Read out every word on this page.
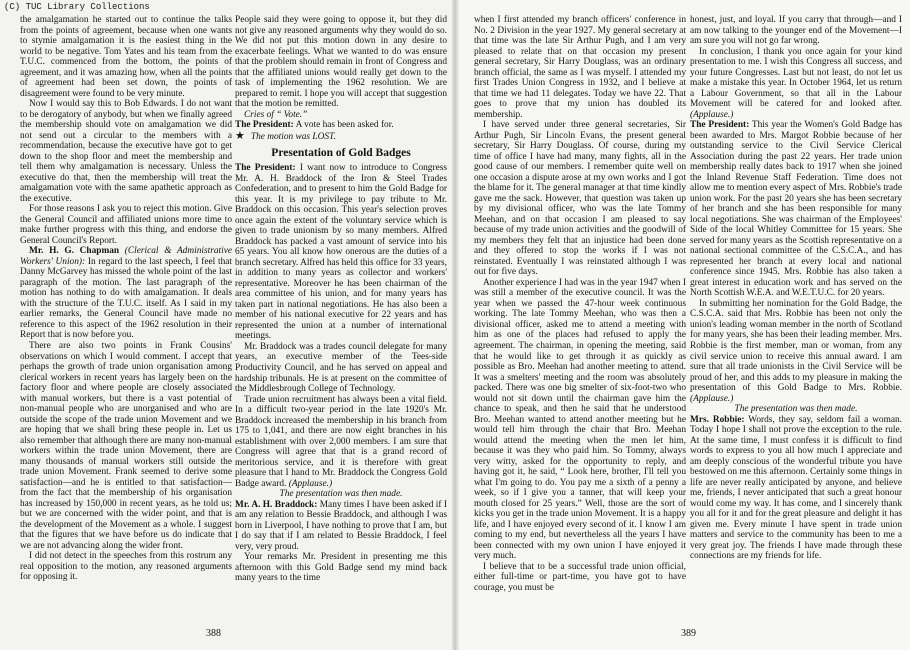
(C) TUC Library Collections

the amalgamation he started out to continue the talks from the points of agreement, because when one wants to stymie amalgamation it is the easiest thing in the world to be negative. Tom Yates and his team from the T.U.C. commenced from the bottom, the points of agreement, and it was amazing how, when all the points of agreement had been set down, the points of disagreement were found to be very minute.

Now I would say this to Bob Edwards. I do not want to be derogatory of anybody, but when we finally agreed the membership should vote on amalgamation we did not send out a circular to the members with a recommendation, because the executive have got to get down to the shop floor and meet the membership and tell them why amalgamation is necessary. Unless the executive do that, then the membership will treat the amalgamation vote with the same apathetic approach as the executive.

For those reasons I ask you to reject this motion. Give the General Council and affiliated unions more time to make further progress with this thing, and endorse the General Council's Report.

Mr. H. G. Chapman (Clerical & Administrative Workers' Union): In regard to the last speech, I feel that Danny McGarvey has missed the whole point of the last paragraph of the motion. The last paragraph of the motion has nothing to do with amalgamation. It deals with the structure of the T.U.C. itself. As I said in my earlier remarks, the General Council have made no reference to this aspect of the 1962 resolution in their Report that is now before you.

There are also two points in Frank Cousins' observations on which I would comment. I accept that perhaps the growth of trade union organisation among clerical workers in recent years has largely been on the factory floor and where people are closely associated with manual workers, but there is a vast potential of non-manual people who are unorganised and who are outside the scope of the trade union Movement and we are hoping that we shall bring these people in. Let us also remember that although there are many non-manual workers within the trade union Movement, there are many thousands of manual workers still outside the trade union Movement. Frank seemed to derive some satisfaction—and he is entitled to that satisfaction—from the fact that the membership of his organisation has increased by 150,000 in recent years, as he told us; but we are concerned with the wider point, and that is the development of the Movement as a whole. I suggest that the figures that we have before us do indicate that we are not advancing along the wider front.

I did not detect in the speeches from this rostrum any real opposition to the motion, any reasoned arguments for opposing it.

People said they were going to oppose it, but they did not give any reasoned arguments why they would do so. We did not put this motion down in any desire to exacerbate feelings. What we wanted to do was ensure that the problem should remain in front of Congress and that the affiliated unions would really get down to the task of implementing the 1962 resolution. We are prepared to remit. I hope you will accept that suggestion that the motion be remitted.

Cries of “ Vote.”

The President: A vote has been asked for.

★ The motion was LOST.

Presentation of Gold Badges

The President: I want now to introduce to Congress Mr. A. H. Braddock of the Iron & Steel Trades Confederation, and to present to him the Gold Badge for this year. It is my privilege to pay tribute to Mr. Braddock on this occasion. This year's selection proves once again the extent of the voluntary service which is given to trade unionism by so many members. Alfred Braddock has packed a vast amount of service into his 65 years. You all know how onerous are the duties of a branch secretary. Alfred has held this office for 33 years, in addition to many years as collector and workers' representative. Moreover he has been chairman of the area committee of his union, and for many years has taken part in national negotiations. He has also been a member of his national executive for 22 years and has represented the union at a number of international meetings.

Mr. Braddock was a trades council delegate for many years, an executive member of the Tees-side Productivity Council, and he has served on appeal and hardship tribunals. He is at present on the committee of the Middlesbrough College of Technology.

Trade union recruitment has always been a vital field. In a difficult two-year period in the late 1920's Mr. Braddock increased the membership in his branch from 175 to 1,041, and there are now eight branches in his establishment with over 2,000 members. I am sure that Congress will agree that that is a grand record of meritorious service, and it is therefore with great pleasure that I hand to Mr. Braddock the Congress Gold Badge award. (Applause.)

The presentation was then made.

Mr. A. H. Braddock: Many times I have been asked if I am any relation to Bessie Braddock, and although I was born in Liverpool, I have nothing to prove that I am, but I do say that if I am related to Bessie Braddock, I feel very, very proud.

Your remarks Mr. President in presenting me this afternoon with this Gold Badge send my mind back many years to the time

when I first attended my branch officers' conference in No. 2 Division in the year 1927. My general secretary at that time was the late Sir Arthur Pugh, and I am very pleased to relate that on that occasion my present general secretary, Sir Harry Douglass, was an ordinary branch official, the same as I was myself. I attended my first Trades Union Congress in 1932, and I believe at that time we had 11 delegates. Today we have 22. That goes to prove that my union has doubled its membership.

I have served under three general secretaries, Sir Arthur Pugh, Sir Lincoln Evans, the present general secretary, Sir Harry Douglass. Of course, during my time of office I have had many, many fights, all in the good cause of our members. I remember quite well on one occasion a dispute arose at my own works and I got the blame for it. The general manager at that time kindly gave me the sack. However, that question was taken up by my divisional officer, who was the late Tommy Meehan, and on that occasion I am pleased to say because of my trade union activities and the goodwill of my members they felt that an injustice had been done and they offered to stop the works if I was not reinstated. Eventually I was reinstated although I was out for five days.

Another experience I had was in the year 1947 when I was still a member of the executive council. It was the year when we passed the 47-hour week continuous working. The late Tommy Meehan, who was then a divisional officer, asked me to attend a meeting with him as one of the places had refused to apply the agreement. The chairman, in opening the meeting, said that he would like to get through it as quickly as possible as Bro. Meehan had another meeting to attend. It was a smelters' meeting and the room was absolutely packed. There was one big smelter of six-foot-two who would not sit down until the chairman gave him the chance to speak, and then he said that he understood Bro. Meehan wanted to attend another meeting but he would tell him through the chair that Bro. Meehan would attend the meeting when the men let him, because it was they who paid him. So Tommy, always very witty, asked for the opportunity to reply, and having got it, he said, “ Look here, brother, I'll tell you what I'm going to do. You pay me a sixth of a penny a week, so if I give you a tanner, that will keep your mouth closed for 25 years.” Well, those are the sort of kicks you get in the trade union Movement. It is a happy life, and I have enjoyed every second of it. I know I am coming to my end, but nevertheless all the years I have been connected with my own union I have enjoyed it very much.

I believe that to be a successful trade union official, either full-time or part-time, you have got to have courage, you must be

honest, just, and loyal. If you carry that through—and I am now talking to the younger end of the Movement—I am sure you will not go far wrong.

In conclusion, I thank you once again for your kind presentation to me. I wish this Congress all success, and your future Congresses. Last but not least, do not let us make a mistake this year. In October 1964, let us return a Labour Government, so that all in the Labour Movement will be catered for and looked after. (Applause.)

The President: This year the Women's Gold Badge has been awarded to Mrs. Margot Robbie because of her outstanding service to the Civil Service Clerical Association during the past 22 years. Her trade union membership really dates back to 1917 when she joined the Inland Revenue Staff Federation. Time does not allow me to mention every aspect of Mrs. Robbie's trade union work. For the past 20 years she has been secretary of her branch and she has been responsible for many local negotiations. She was chairman of the Employees' Side of the local Whitley Committee for 15 years. She served for many years as the Scottish representative on a national sectional committee of the C.S.C.A., and has represented her branch at every local and national conference since 1945. Mrs. Robbie has also taken a great interest in education work and has served on the North Scottish W.E.A. and W.E.T.U.C. for 20 years.

In submitting her nomination for the Gold Badge, the C.S.C.A. said that Mrs. Robbie has been not only the union's leading woman member in the north of Scotland for many years, she has been their leading member. Mrs. Robbie is the first member, man or woman, from any civil service union to receive this annual award. I am sure that all trade unionists in the Civil Service will be proud of her, and this adds to my pleasure in making the presentation of this Gold Badge to Mrs. Robbie. (Applause.)

The presentation was then made.

Mrs. Robbie: Words, they say, seldom fail a woman. Today I hope I shall not prove the exception to the rule. At the same time, I must confess it is difficult to find words to express to you all how much I appreciate and am deeply conscious of the wonderful tribute you have bestowed on me this afternoon. Certainly some things in life are never really anticipated by anyone, and believe me, friends, I never anticipated that such a great honour would come my way. It has come, and I sincerely thank you all for it and for the great pleasure and delight it has given me. Every minute I have spent in trade union matters and service to the community has been to me a very great joy. The friends I have made through these connections are my friends for life.

388	389
